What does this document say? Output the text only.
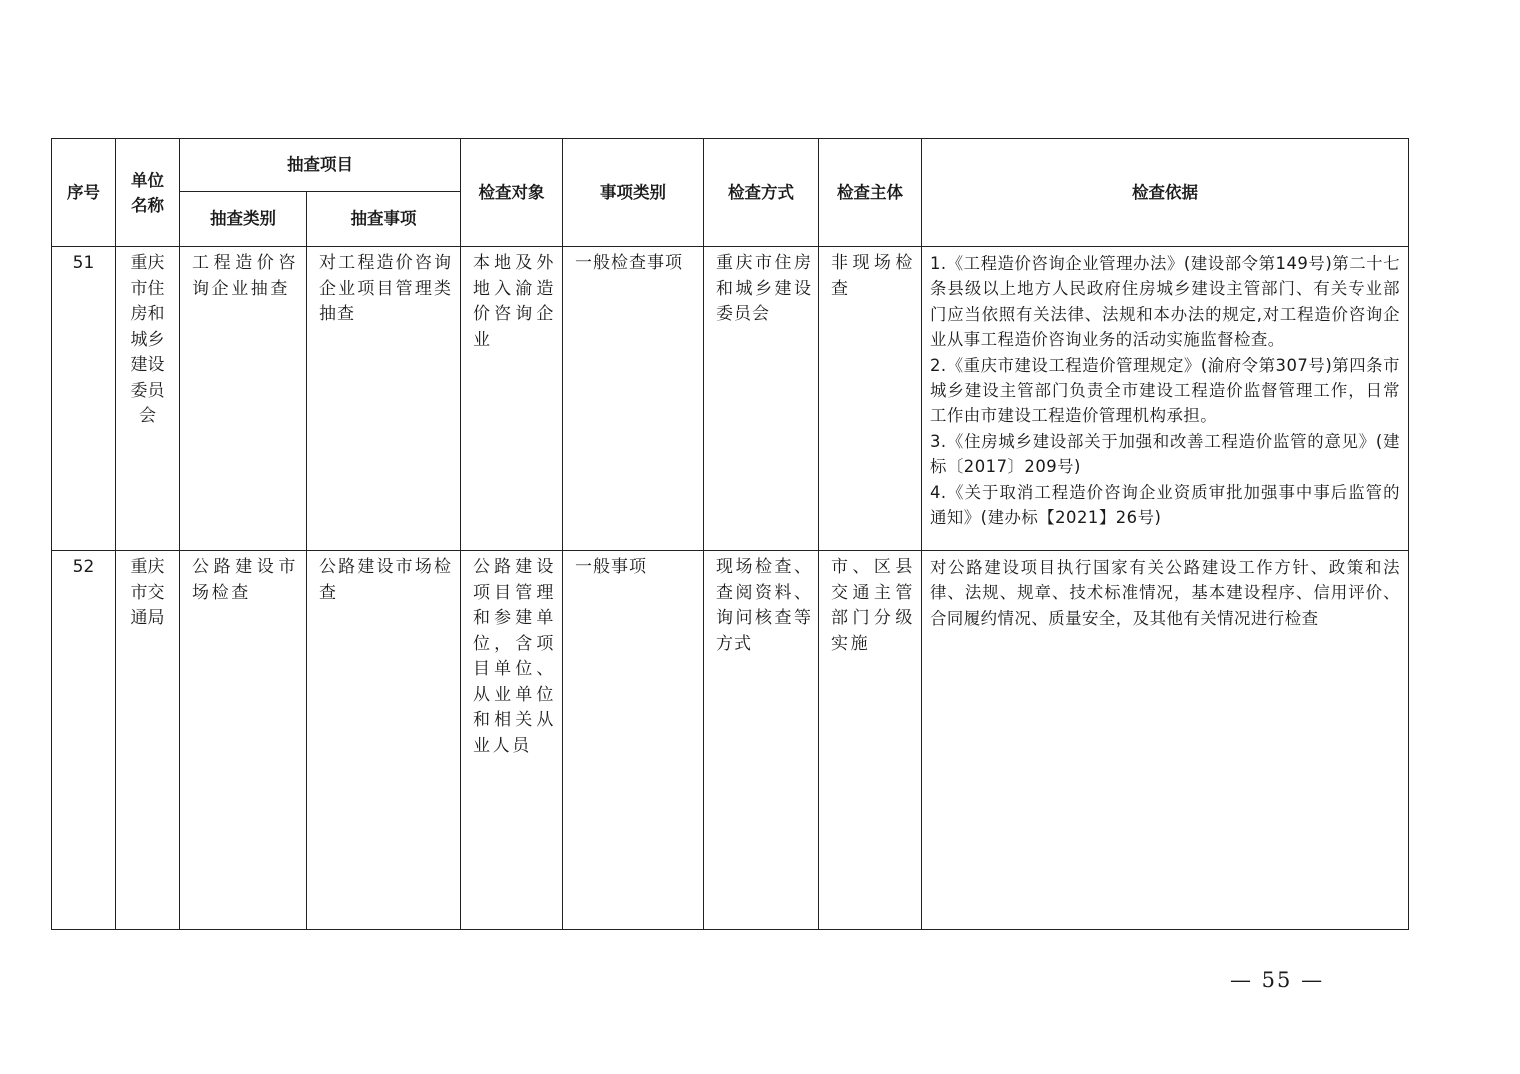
序号	单位名称	抽查项目		检查对象	事项类别	检查方式	检查主体	检查依据
		抽查类别	抽查事项					

51	重庆市住房和城乡建设委员会	工程造价咨询企业抽查	对工程造价咨询企业项目管理类抽查	本地及外地入渝造价咨询企业	一般检查事项	重庆市住房和城乡建设委员会	非现场检查	1.《工程造价咨询企业管理办法》(建设部令第149号)第二十七条县级以上地方人民政府住房城乡建设主管部门、有关专业部门应当依照有关法律、法规和本办法的规定,对工程造价咨询企业从事工程造价咨询业务的活动实施监督检查。

2.《重庆市建设工程造价管理规定》(渝府令第307号)第四条市城乡建设主管部门负责全市建设工程造价监督管理工作，日常工作由市建设工程造价管理机构承担。

3.《住房城乡建设部关于加强和改善工程造价监管的意见》(建标〔2017〕209号)

4.《关于取消工程造价咨询企业资质审批加强事中事后监管的通知》(建办标【2021】26号)

52	重庆市交通局	公路建设市场检查	公路建设市场检查	公路建设项目管理和参建单位，含项目单位、从业单位和相关从业人员	一般事项	现场检查、查阅资料、询问核查等方式	市、区县交通主管部门分级实施	对公路建设项目执行国家有关公路建设工作方针、政策和法律、法规、规章、技术标准情况，基本建设程序、信用评价、合同履约情况、质量安全，及其他有关情况进行检查

— 55 —
